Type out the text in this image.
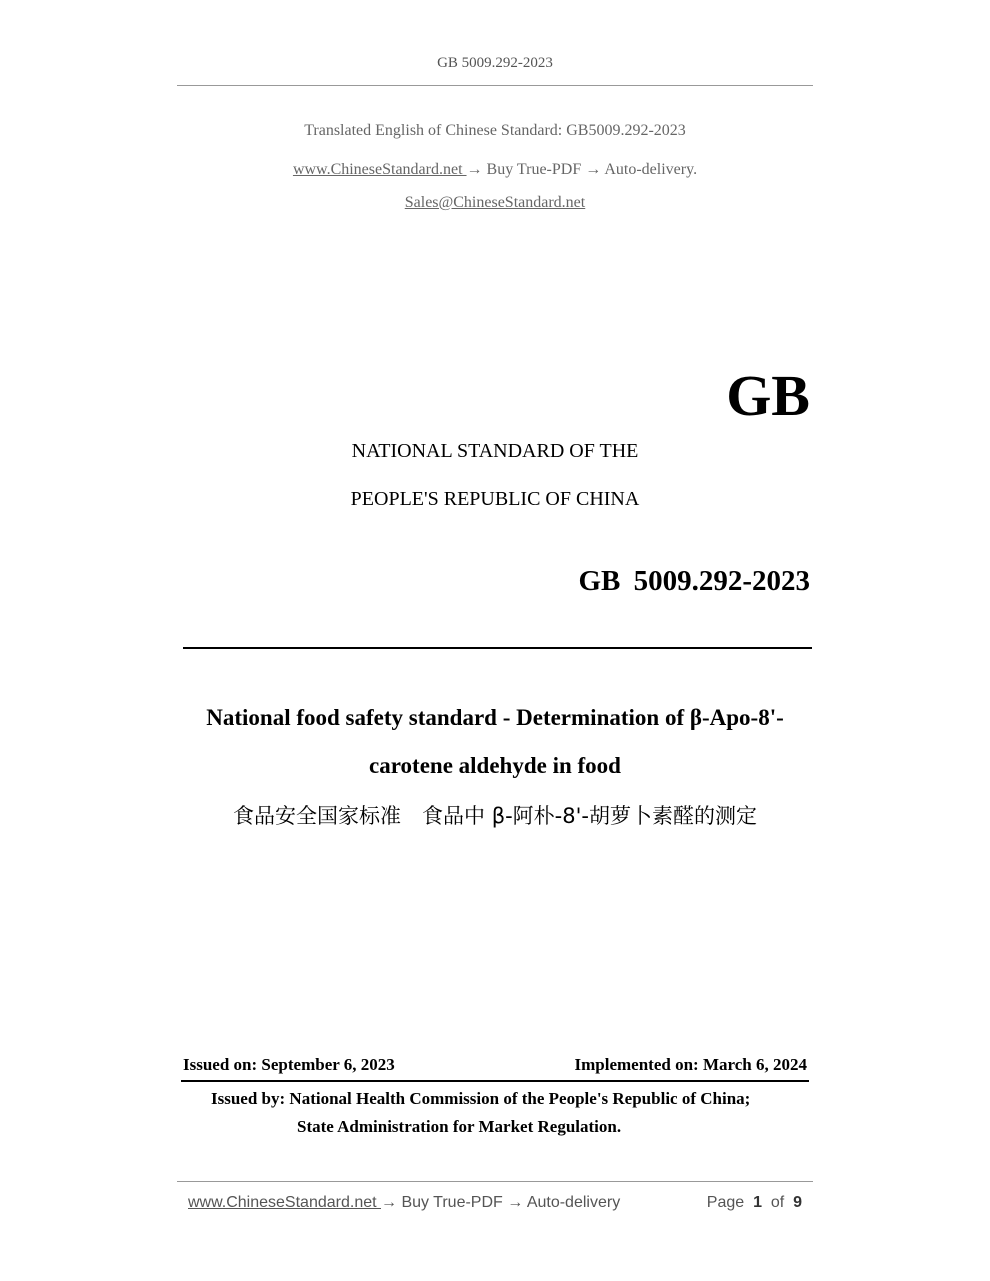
GB 5009.292-2023
Translated English of Chinese Standard: GB5009.292-2023
www.ChineseStandard.net → Buy True-PDF → Auto-delivery.
Sales@ChineseStandard.net
GB
NATIONAL STANDARD OF THE
PEOPLE'S REPUBLIC OF CHINA
GB 5009.292-2023
National food safety standard - Determination of β-Apo-8'-
carotene aldehyde in food
食品安全国家标准　食品中 β-阿朴-8'-胡萝卜素醛的测定
Issued on: September 6, 2023	Implemented on: March 6, 2024
Issued by: National Health Commission of the People's Republic of China;
State Administration for Market Regulation.
www.ChineseStandard.net → Buy True-PDF → Auto-delivery	Page 1 of 9
